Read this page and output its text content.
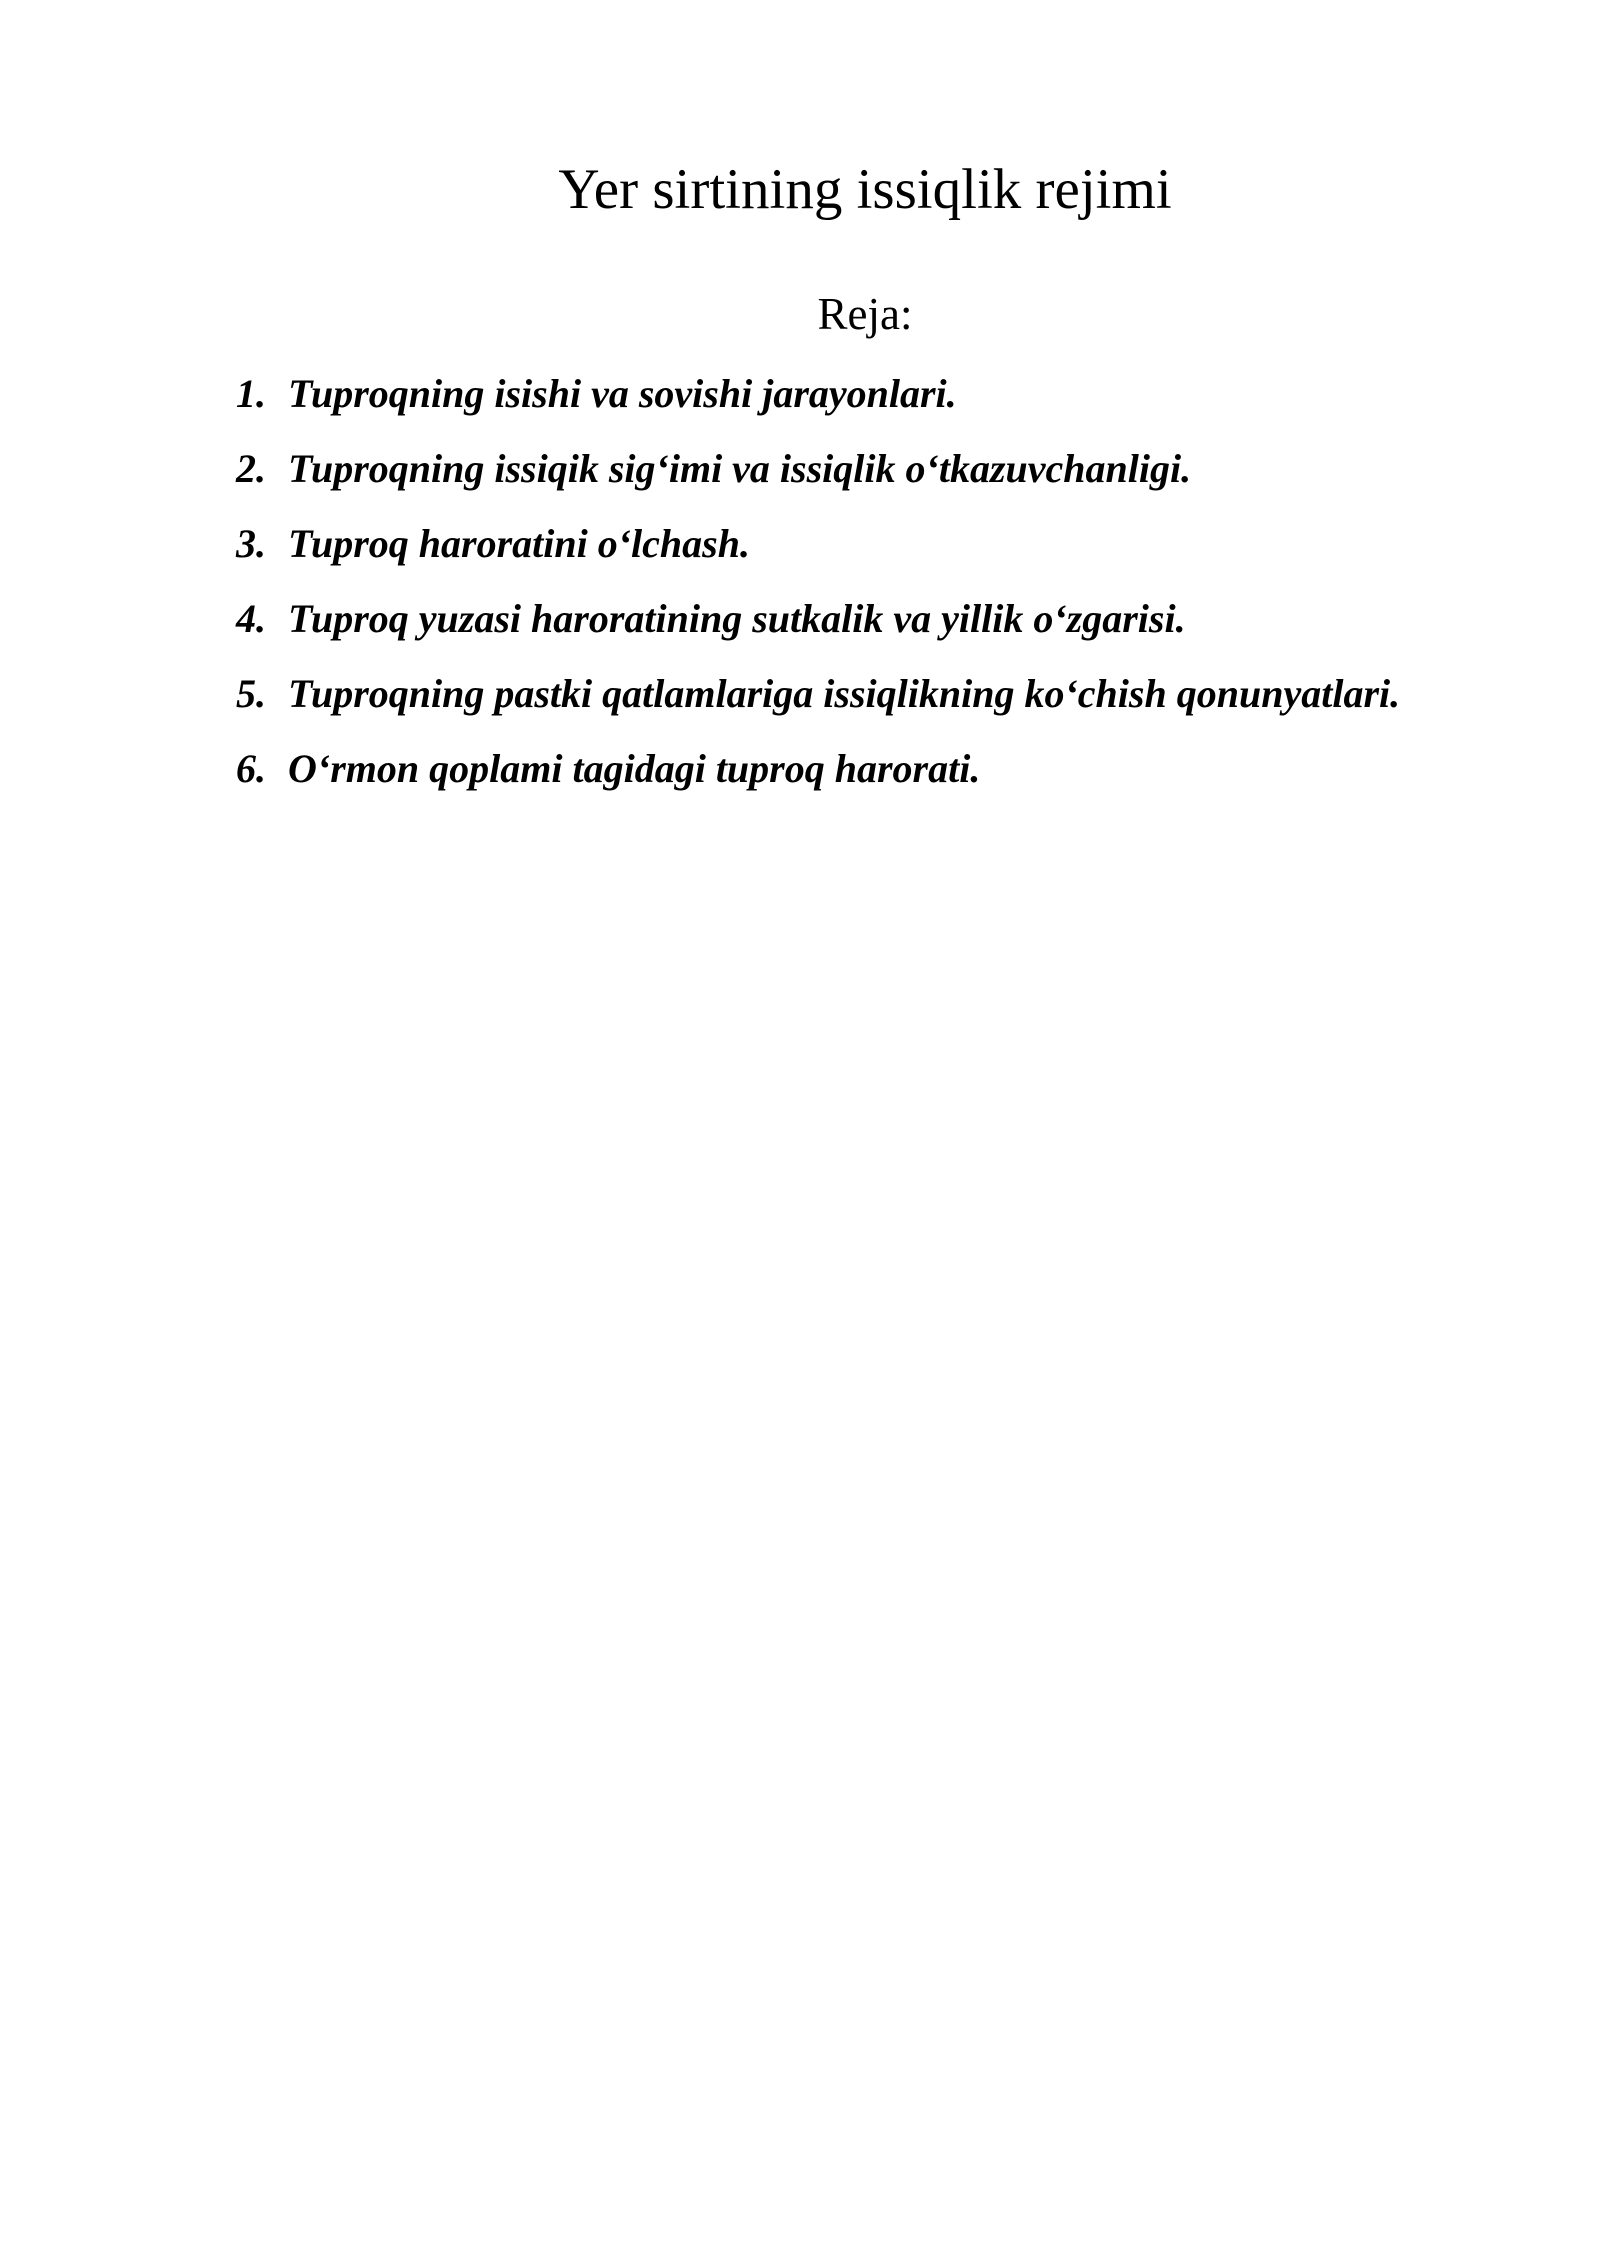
Yer sirtining issiqlik rejimi
Reja:
1. Tuproqning isishi va sovishi jarayonlari.
2. Tuproqning issiqik sig‘imi va issiqlik o‘tkazuvchanligi.
3. Tuproq haroratini o‘lchash.
4. Tuproq yuzasi haroratining sutkalik va yillik o‘zgarisi.
5. Tuproqning pastki qatlamlariga issiqlikning ko‘chish qonunyatlari.
6. O‘rmon qoplami tagidagi tuproq harorati.
